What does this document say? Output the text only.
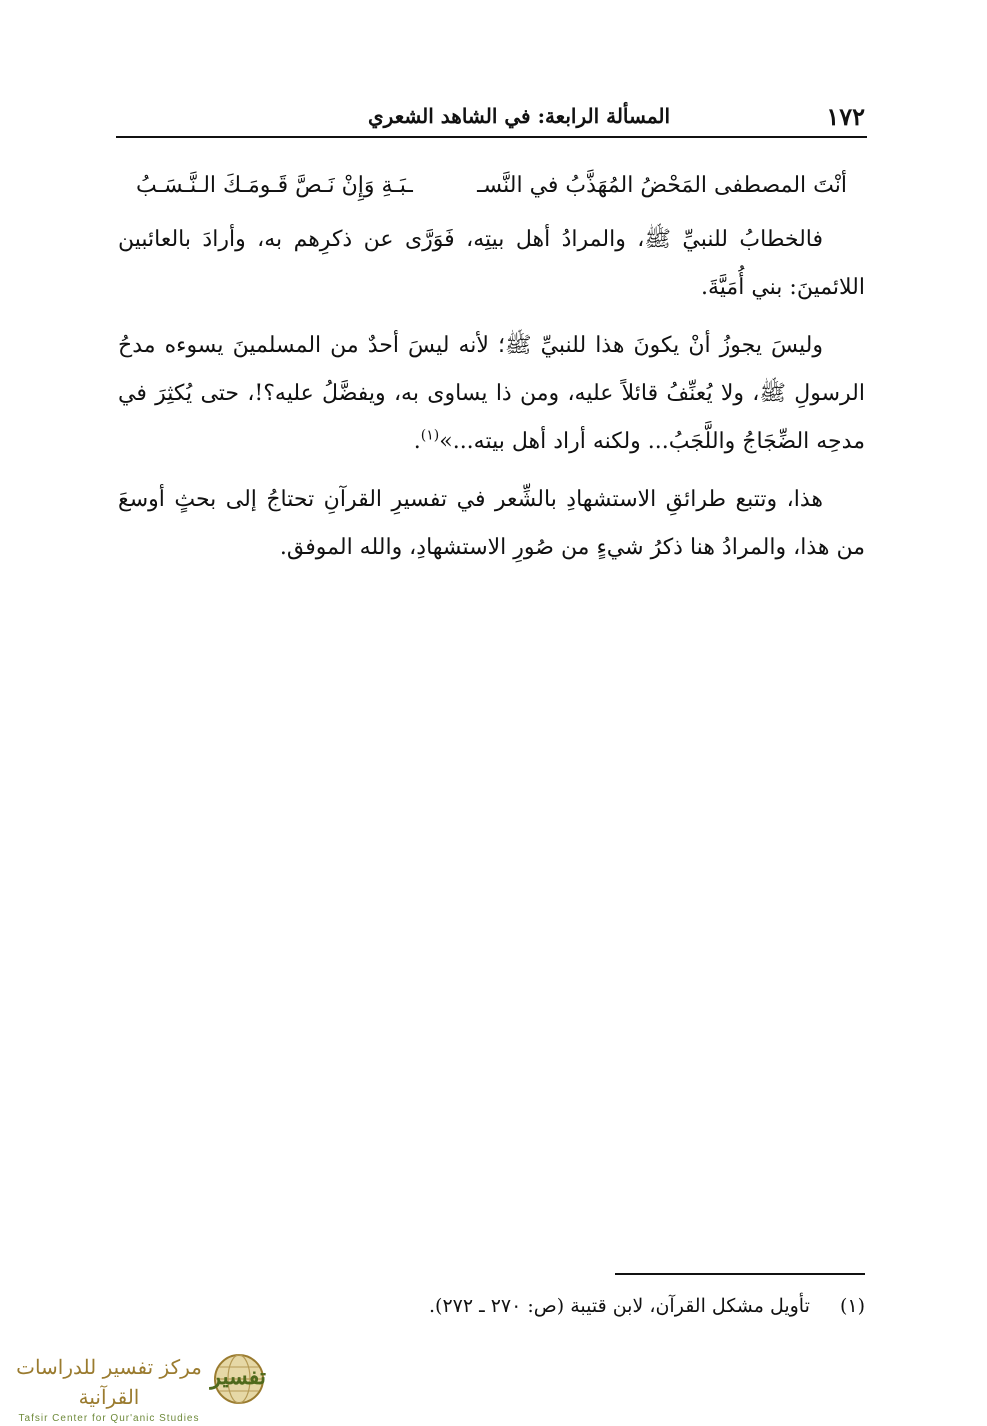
١٧٢
المسألة الرابعة: في الشاهد الشعري
أنْتَ المصطفى المَحْضُ المُهَذَّبُ في النَّسـ
ـبَـةِ وَإِنْ نَـصَّ قَـومَـكَ الـنَّـسَـبُ

فالخطابُ للنبيِّ ﷺ، والمرادُ أهل بيتِه، فَوَرَّى عن ذكرِهم به، وأرادَ بالعائبين اللائمينَ: بني أُمَيَّةَ.

وليسَ يجوزُ أنْ يكونَ هذا للنبيِّ ﷺ؛ لأنه ليسَ أحدٌ من المسلمينَ يسوءه مدحُ الرسولِ ﷺ، ولا يُعنِّفُ قائلاً عليه، ومن ذا يساوى به، ويفضَّلُ عليه؟!، حتى يُكثِرَ في مدحِه الضِّجَاجُ واللَّجَبُ... ولكنه أراد أهل بيته...»$^{(١)}$.

هذا، وتتبع طرائقِ الاستشهادِ بالشِّعر في تفسيرِ القرآنِ تحتاجُ إلى بحثٍ أوسعَ من هذا، والمرادُ هنا ذكرُ شيءٍ من صُورِ الاستشهادِ، والله الموفق.

(١) تأويل مشكل القرآن، لابن قتيبة (ص: ٢٧٠ ـ ٢٧٢).
مركز تفسير للدراسات القرآنية
Tafsir Center for Qur'anic Studies
تفسير
